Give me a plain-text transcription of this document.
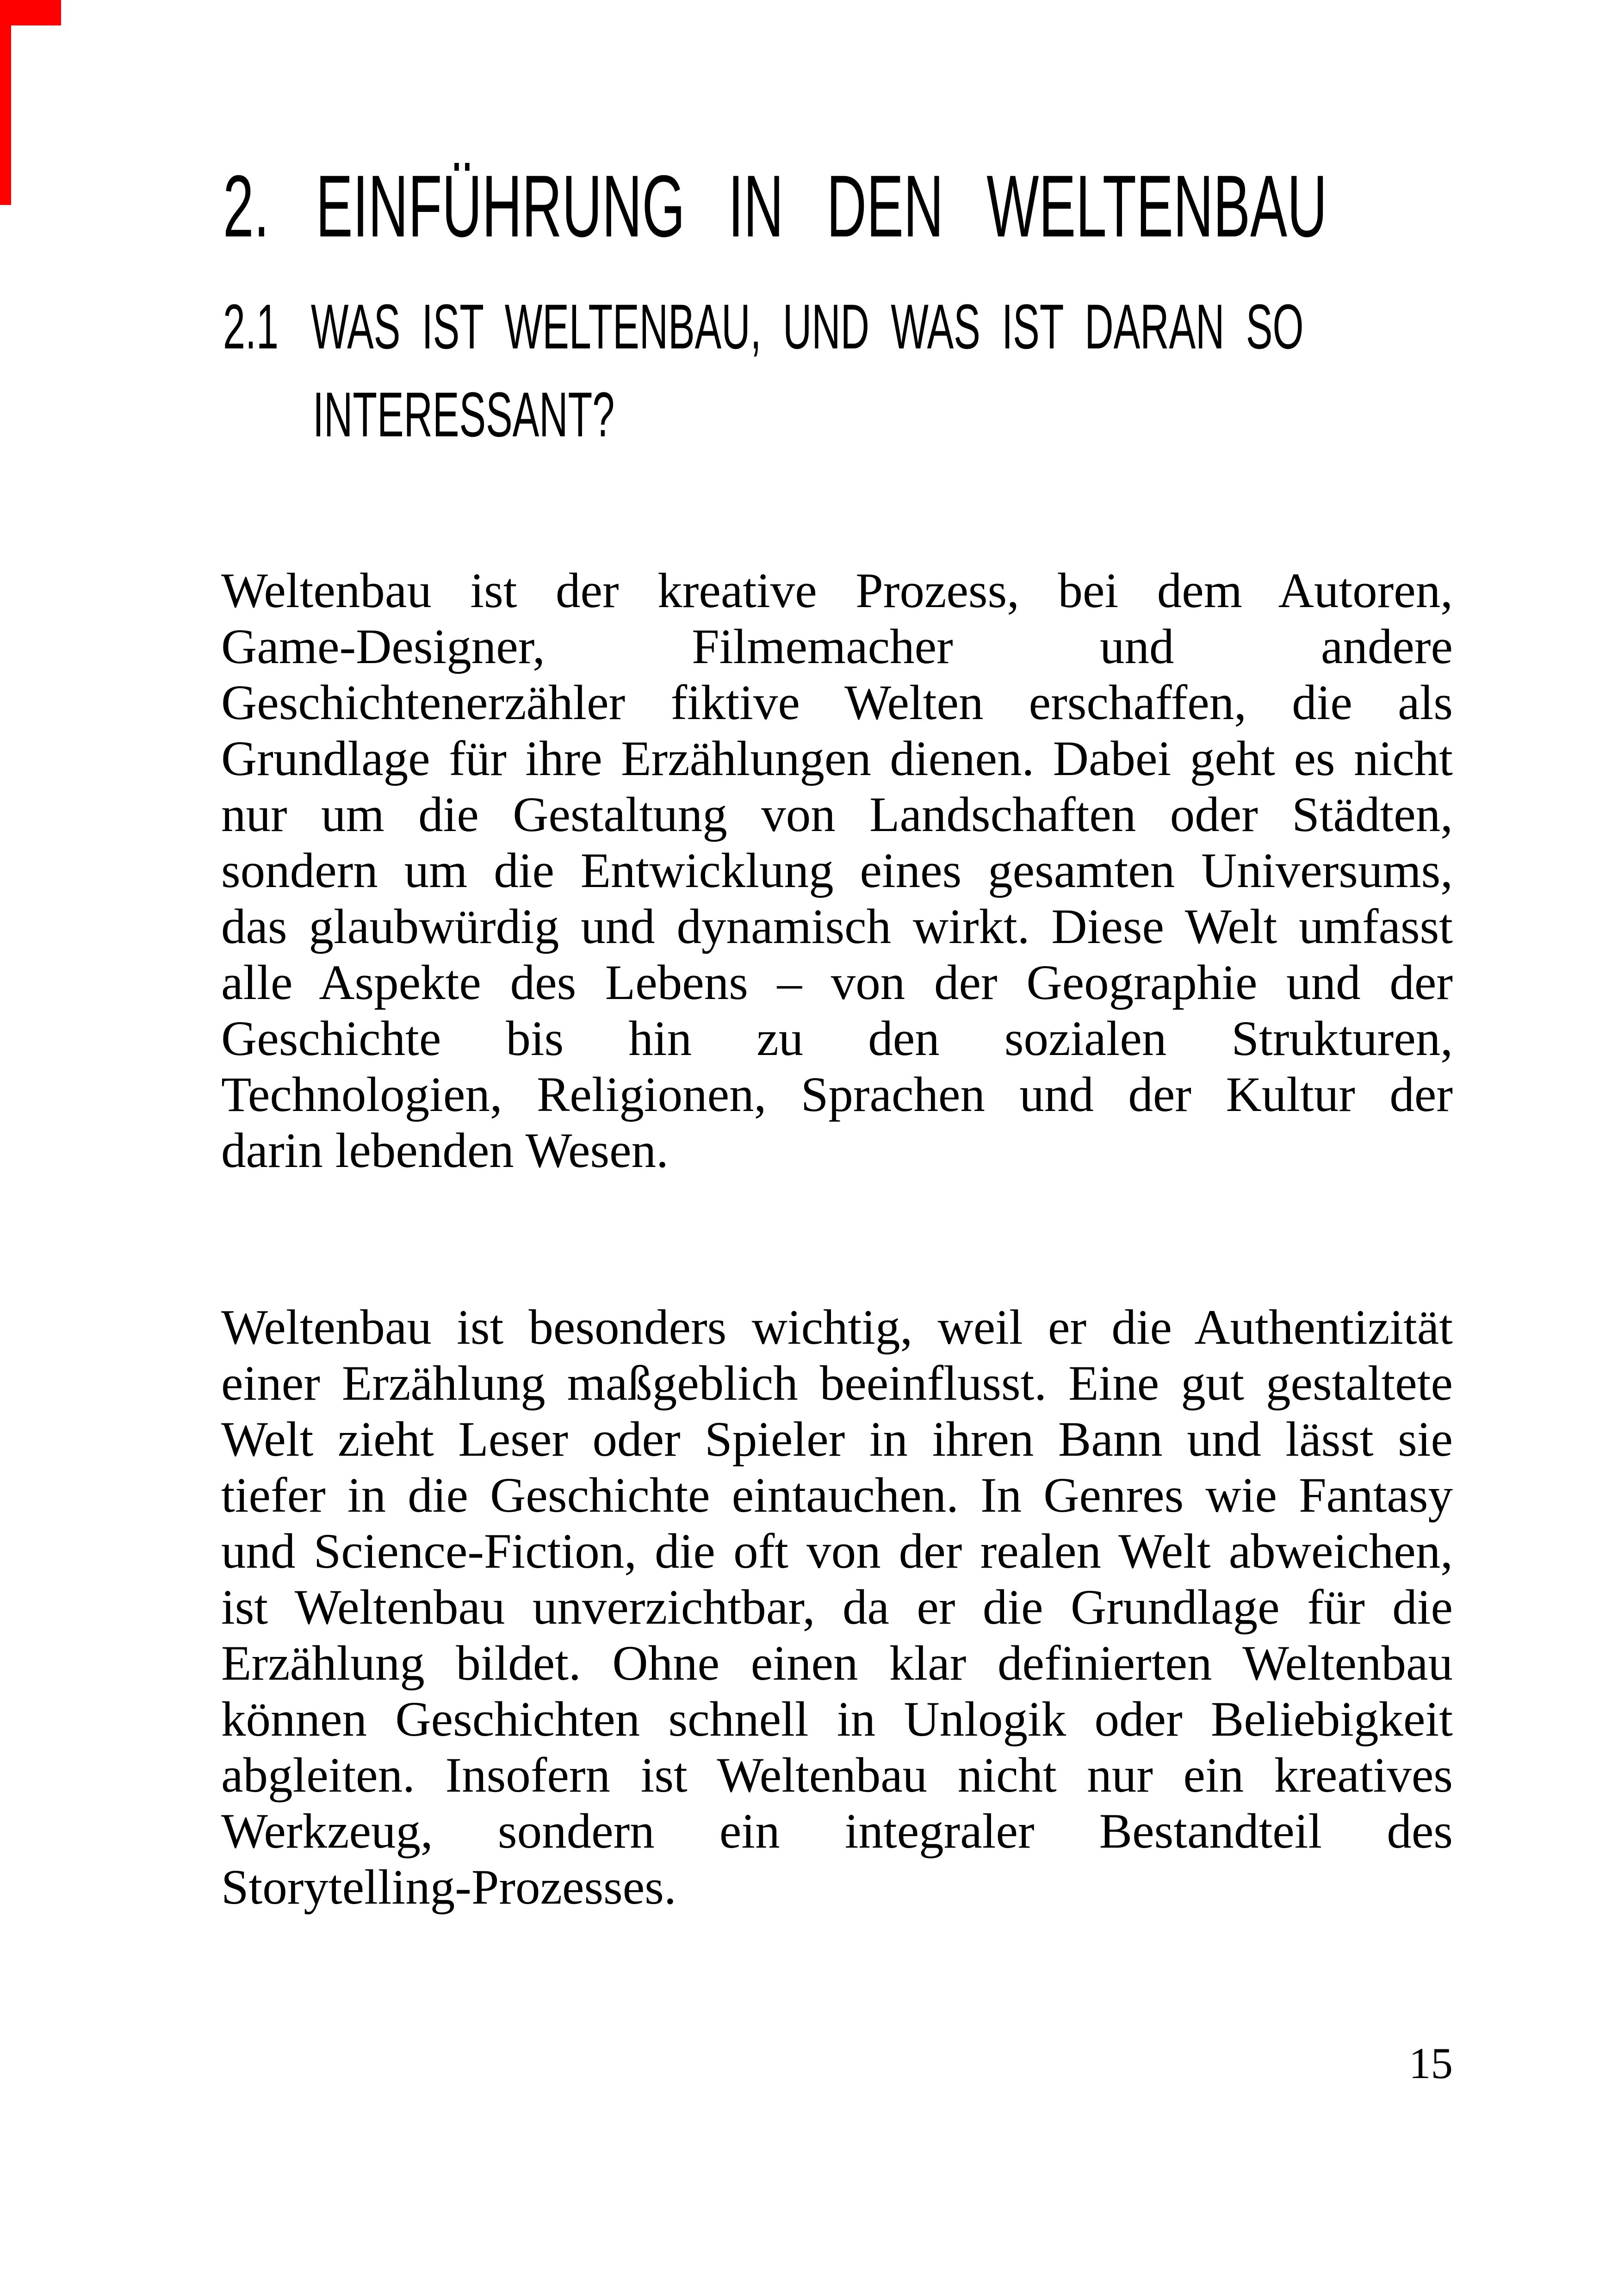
2. EINFÜHRUNG IN DEN WELTENBAU
2.1 WAS IST WELTENBAU, UND WAS IST DARAN SO
INTERESSANT?
Weltenbau ist der kreative Prozess, bei dem Autoren,
Game-Designer, Filmemacher und andere
Geschichtenerzähler fiktive Welten erschaffen, die als
Grundlage für ihre Erzählungen dienen. Dabei geht es nicht
nur um die Gestaltung von Landschaften oder Städten,
sondern um die Entwicklung eines gesamten Universums,
das glaubwürdig und dynamisch wirkt. Diese Welt umfasst
alle Aspekte des Lebens – von der Geographie und der
Geschichte bis hin zu den sozialen Strukturen,
Technologien, Religionen, Sprachen und der Kultur der
darin lebenden Wesen.
Weltenbau ist besonders wichtig, weil er die Authentizität
einer Erzählung maßgeblich beeinflusst. Eine gut gestaltete
Welt zieht Leser oder Spieler in ihren Bann und lässt sie
tiefer in die Geschichte eintauchen. In Genres wie Fantasy
und Science-Fiction, die oft von der realen Welt abweichen,
ist Weltenbau unverzichtbar, da er die Grundlage für die
Erzählung bildet. Ohne einen klar definierten Weltenbau
können Geschichten schnell in Unlogik oder Beliebigkeit
abgleiten. Insofern ist Weltenbau nicht nur ein kreatives
Werkzeug, sondern ein integraler Bestandteil des
Storytelling-Prozesses.
15
